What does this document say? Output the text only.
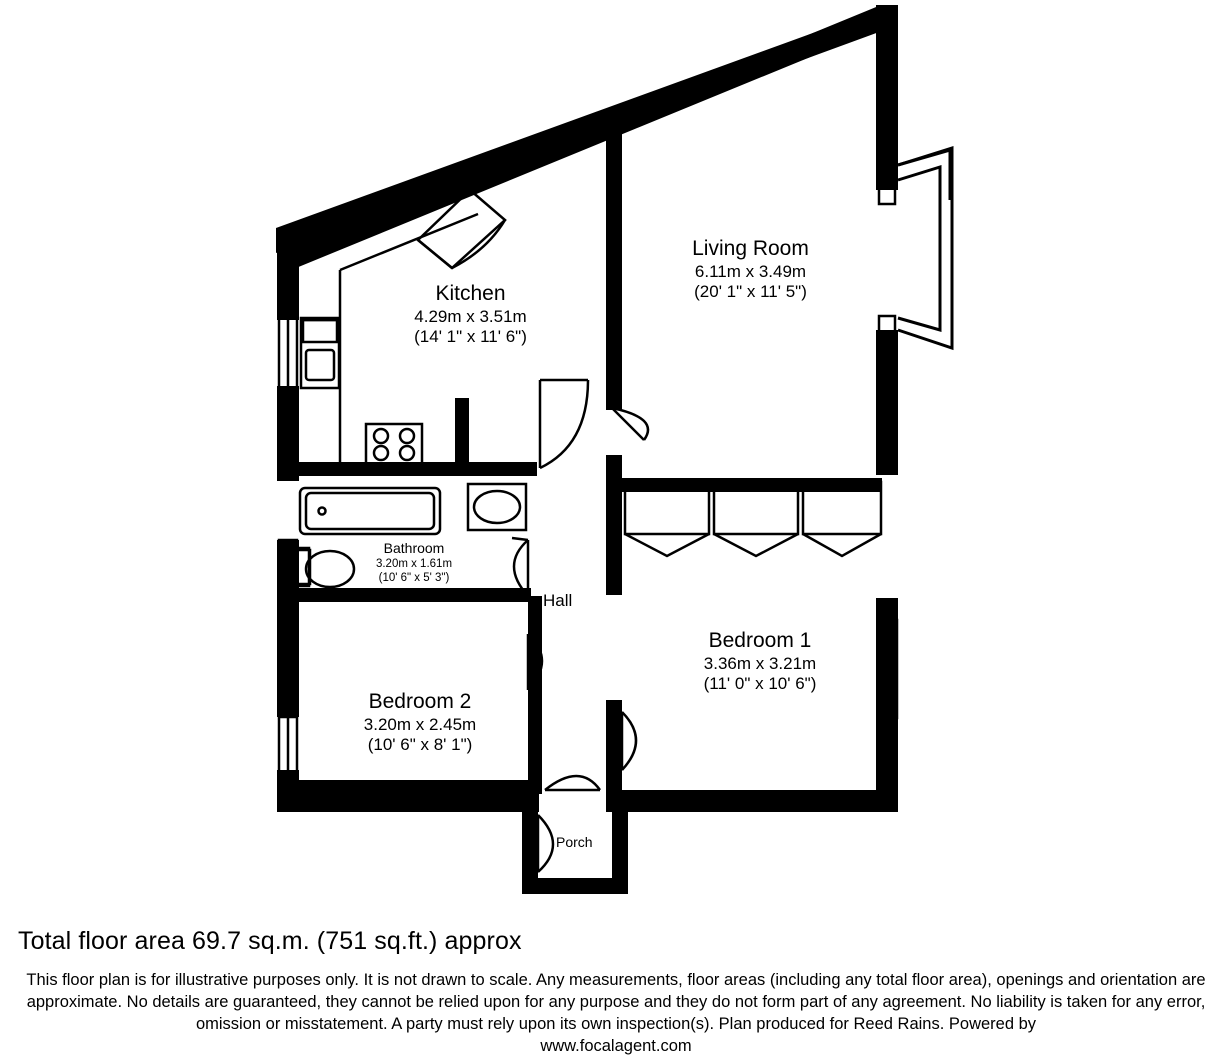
Kitchen
4.29m x 3.51m
(14' 1" x 11' 6")
Living Room
6.11m x 3.49m
(20' 1" x 11' 5")
Bathroom
3.20m x 1.61m
(10' 6" x 5' 3")
Bedroom 1
3.36m x 3.21m
(11' 0" x 10' 6")
Bedroom 2
3.20m x 2.45m
(10' 6" x 8' 1")
Hall
Porch
Total floor area 69.7 sq.m. (751 sq.ft.) approx
This floor plan is for illustrative purposes only. It is not drawn to scale. Any measurements, floor areas (including any total floor area), openings and orientation are approximate. No details are guaranteed, they cannot be relied upon for any purpose and they do not form part of any agreement. No liability is taken for any error, omission or misstatement. A party must rely upon its own inspection(s). Plan produced for Reed Rains. Powered by
www.focalagent.com
